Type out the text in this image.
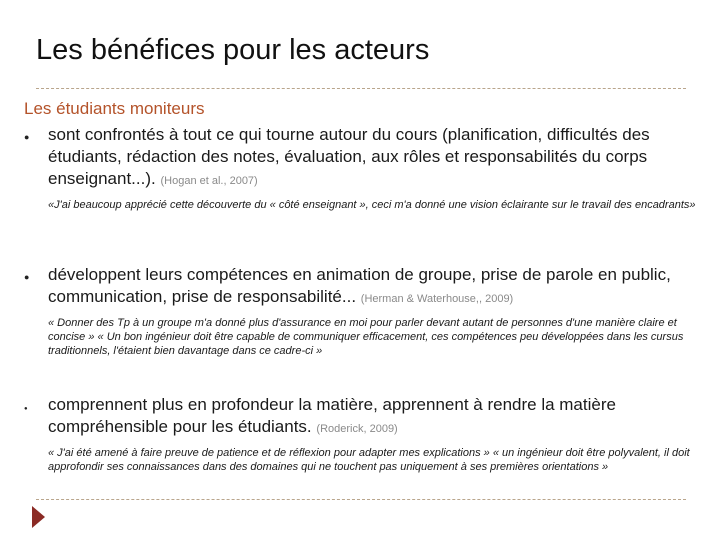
Les bénéfices pour les acteurs
Les étudiants moniteurs
● sont confrontés à tout ce qui tourne autour du cours (planification, difficultés des étudiants, rédaction des notes, évaluation, aux rôles et responsabilités du corps enseignant...). (Hogan et al., 2007)
«J'ai beaucoup apprécié cette découverte du « côté enseignant », ceci m'a donné une vision éclairante sur le travail des encadrants»
● développent leurs compétences en animation de groupe, prise de parole en public, communication, prise de responsabilité... (Herman & Waterhouse,, 2009)
« Donner des Tp à un groupe m'a donné plus d'assurance en moi pour parler devant autant de personnes d'une manière claire et concise » « Un bon ingénieur doit être capable de communiquer efficacement, ces compétences peu développées dans les cursus traditionnels, l'étaient bien davantage dans ce cadre-ci »
● comprennent plus en profondeur la matière, apprennent à rendre la matière compréhensible pour les étudiants. (Roderick, 2009)
« J'ai été amené à faire preuve de patience et de réflexion pour adapter mes explications » « un ingénieur doit être polyvalent, il doit approfondir ses connaissances dans des domaines qui ne touchent pas uniquement à ses premières orientations »
